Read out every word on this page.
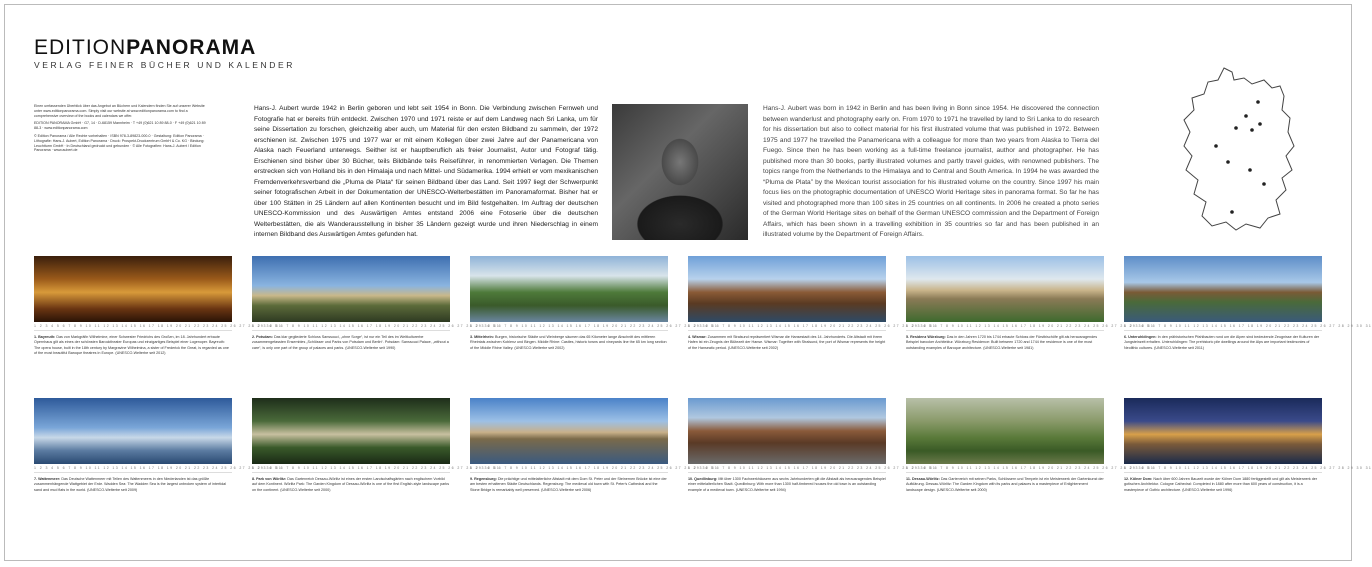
EDITIONPANORAMA
VERLAG FEINER BÜCHER UND KALENDER

Einen umfassenden Überblick über das Angebot an Büchern und Kalendern finden Sie auf unserer Website unter www.editionpanorama.com. Simply visit our website at www.editionpanorama.com to find a comprehensive overview of the books and calendars we offer.

EDITION PANORAMA GmbH · G7, 14 · D-68159 Mannheim · T +49 (0)621 10 89 88-0 · F +49 (0)621 10 89 88-3 · www.editionpanorama.com

© Edition Panorama / Alle Rechte vorbehalten · ISBN 978-3-89823-000-0 · Gestaltung: Edition Panorama · Lithografie: Hans-J. Aubert, Edition Panorama · Druck: Prospekt-Druckzentrum GmbH & Co. KG · Bindung: Leuchtturm GmbH · In Deutschland gedruckt und gebunden · © Alle Fotografien: Hans-J. Aubert / Edition Panorama · www.aubert.de

Hans-J. Aubert wurde 1942 in Berlin geboren und lebt seit 1954 in Bonn. Die Verbindung zwischen Fernweh und Fotografie hat er bereits früh entdeckt. Zwischen 1970 und 1971 reiste er auf dem Landweg nach Sri Lanka, um für seine Dissertation zu forschen, gleichzeitig aber auch, um Material für den ersten Bildband zu sammeln, der 1972 erschienen ist. Zwischen 1975 und 1977 war er mit einem Kollegen über zwei Jahre auf der Panamericana von Alaska nach Feuerland unterwegs. Seither ist er hauptberuflich als freier Journalist, Autor und Fotograf tätig. Erschienen sind bisher über 30 Bücher, teils Bildbände teils Reiseführer, in renommierten Verlagen. Die Themen erstrecken sich von Holland bis in den Himalaja und nach Mittel- und Südamerika. 1994 erhielt er vom mexikanischen Fremdenverkehrsverband die „Pluma de Plata“ für seinen Bildband über das Land. Seit 1997 liegt der Schwerpunkt seiner fotografischen Arbeit in der Dokumentation der UNESCO-Welterbestätten im Panoramaformat. Bisher hat er über 100 Stätten in 25 Ländern auf allen Kontinenten besucht und im Bild festgehalten. Im Auftrag der deutschen UNESCO-Kommission und des Auswärtigen Amtes entstand 2006 eine Fotoserie über die deutschen Welterbestätten, die als Wanderausstellung in bisher 35 Ländern gezeigt wurde und ihren Niederschlag in einem internen Bildband des Auswärtigen Amtes gefunden hat.
Hans-J. Aubert was born in 1942 in Berlin and has been living in Bonn since 1954. He discovered the connection between wanderlust and photography early on. From 1970 to 1971 he travelled by land to Sri Lanka to do research for his dissertation but also to collect material for his first illustrated volume that was published in 1972. Between 1975 and 1977 he travelled the Panamericana with a colleague for more than two years from Alaska to Tierra del Fuego. Since then he has been working as a full-time freelance journalist, author and photographer. He has published more than 30 books, partly illustrated volumes and partly travel guides, with renowned publishers. The topics range from the Netherlands to the Himalaya and to Central and South America. In 1994 he was awarded the “Pluma de Plata” by the Mexican tourist association for his illustrated volume on the country. Since 1997 his main focus lies on the photographic documentation of UNESCO World Heritage sites in panorama format. So far he has visited and photographed more than 100 sites in 25 countries on all continents. In 2006 he created a photo series of the German World Heritage sites on behalf of the German UNESCO commission and the Department of Foreign Affairs, which has been shown in a travelling exhibition in 35 countries so far and has been published in an illustrated volume by the Department of Foreign Affairs.
1 2 3 4 5 6 7 8 9 10 11 12 13 14 15 16 17 18 19 20 21 22 23 24 25 26 27 28 29 30 31
1. Bayreuth: Das von Markgräfin Wilhelmine, einer Schwester Friedrichs des Großen, im 18. Jahrhundert erbaute Opernhaus gilt als eines der schönsten Barocktheater Europas und einzigartiges Beispiel einer Logenoper. Bayreuth: The opera house, built in the 18th century by Margravine Wilhelmina, a sister of Frederick the Great, is regarded as one of the most beautiful Baroque theatres in Europe. (UNESCO-Welterbe seit 2012)
1 2 3 4 5 6 7 8 9 10 11 12 13 14 15 16 17 18 19 20 21 22 23 24 25 26 27 28 29 30 31
2. Potsdam: Das klar gegliederte Schloss Sanssouci, „ohne Sorge“, ist nur ein Teil des im Weltkulturerbe zusammengefassten Ensembles „Schlösser und Parks von Potsdam und Berlin“. Potsdam: Sanssouci Palace, „without a care“, is only one part of the group of palaces and parks. (UNESCO-Welterbe seit 1990)
1 2 3 4 5 6 7 8 9 10 11 12 13 14 15 16 17 18 19 20 21 22 23 24 25 26 27 28 29 30 31
3. Mittelrhein: Burgen, historische Städte und Weinberge säumen das 65 Kilometer lange Abschnitt des mittleren Rheintals zwischen Koblenz und Bingen. Middle Rhine: Castles, historic towns and vineyards line the 65 km long section of the Middle Rhine Valley. (UNESCO-Welterbe seit 2002)
1 2 3 4 5 6 7 8 9 10 11 12 13 14 15 16 17 18 19 20 21 22 23 24 25 26 27 28 29 30 31
4. Wismar: Zusammen mit Stralsund repräsentiert Wismar die Hansestadt des 14. Jahrhunderts. Die Altstadt mit ihrem Hafen ist ein Zeugnis der Blütezeit der Hanse. Wismar: Together with Stralsund, the port of Wismar represents the height of the Hanseatic period. (UNESCO-Welterbe seit 2002)
1 2 3 4 5 6 7 8 9 10 11 12 13 14 15 16 17 18 19 20 21 22 23 24 25 26 27 28 29 30 31
5. Residenz Würzburg: Das in den Jahren 1720 bis 1744 erbaute Schloss der Fürstbischöfe gilt als herausragendes Beispiel barocker Architektur. Würzburg Residence: Built between 1720 and 1744 the residence is one of the most outstanding examples of Baroque architecture. (UNESCO-Welterbe seit 1981)
1 2 3 4 5 6 7 8 9 10 11 12 13 14 15 16 17 18 19 20 21 22 23 24 25 26 27 28 29 30 31
6. Unteruhldingen: In den prähistorischen Pfahlbauten rund um die Alpen sind bedeutende Zeugnisse der Kulturen der Jungsteinzeit erhalten. Unteruhldingen: The prehistoric pile dwellings around the Alps are important testimonies of Neolithic cultures. (UNESCO-Welterbe seit 2011)
1 2 3 4 5 6 7 8 9 10 11 12 13 14 15 16 17 18 19 20 21 22 23 24 25 26 27 28 29 30 31
7. Wattenmeer: Das Deutsche Wattenmeer mit Teilen des Wattenmeers in den Niederlanden ist das größte zusammenhängende Wattgebiet der Erde. Wadden Sea: The Wadden Sea is the largest unbroken system of intertidal sand and mud flats in the world. (UNESCO-Welterbe seit 2009)
1 2 3 4 5 6 7 8 9 10 11 12 13 14 15 16 17 18 19 20 21 22 23 24 25 26 27 28 29 30 31
8. Park von Wörlitz: Das Gartenreich Dessau-Wörlitz ist eines der ersten Landschaftsgärten nach englischem Vorbild auf dem Kontinent. Wörlitz Park: The Garden Kingdom of Dessau-Wörlitz is one of the first English-style landscape parks on the continent. (UNESCO-Welterbe seit 2000)
1 2 3 4 5 6 7 8 9 10 11 12 13 14 15 16 17 18 19 20 21 22 23 24 25 26 27 28 29 30 31
9. Regensburg: Die prächtige und mittelalterliche Altstadt mit dem Dom St. Peter und der Steinernen Brücke ist eine der am besten erhaltenen Städte Deutschlands. Regensburg: The medieval old town with St. Peter's Cathedral and the Stone Bridge is remarkably well preserved. (UNESCO-Welterbe seit 2006)
1 2 3 4 5 6 7 8 9 10 11 12 13 14 15 16 17 18 19 20 21 22 23 24 25 26 27 28 29 30 31
10. Quedlinburg: Mit über 1300 Fachwerkhäusern aus sechs Jahrhunderten gilt die Altstadt als herausragendes Beispiel einer mittelalterlichen Stadt. Quedlinburg: With more than 1300 half-timbered houses the old town is an outstanding example of a medieval town. (UNESCO-Welterbe seit 1994)
1 2 3 4 5 6 7 8 9 10 11 12 13 14 15 16 17 18 19 20 21 22 23 24 25 26 27 28 29 30 31
11. Dessau-Wörlitz: Das Gartenreich mit seinen Parks, Schlössern und Tempeln ist ein Meisterwerk der Gartenkunst der Aufklärung. Dessau-Wörlitz: The Garden Kingdom with its parks and palaces is a masterpiece of Enlightenment landscape design. (UNESCO-Welterbe seit 2000)
1 2 3 4 5 6 7 8 9 10 11 12 13 14 15 16 17 18 19 20 21 22 23 24 25 26 27 28 29 30 31
12. Kölner Dom: Nach über 600 Jahren Bauzeit wurde der Kölner Dom 1880 fertiggestellt und gilt als Meisterwerk der gotischen Architektur. Cologne Cathedral: Completed in 1880 after more than 600 years of construction, it is a masterpiece of Gothic architecture. (UNESCO-Welterbe seit 1996)
